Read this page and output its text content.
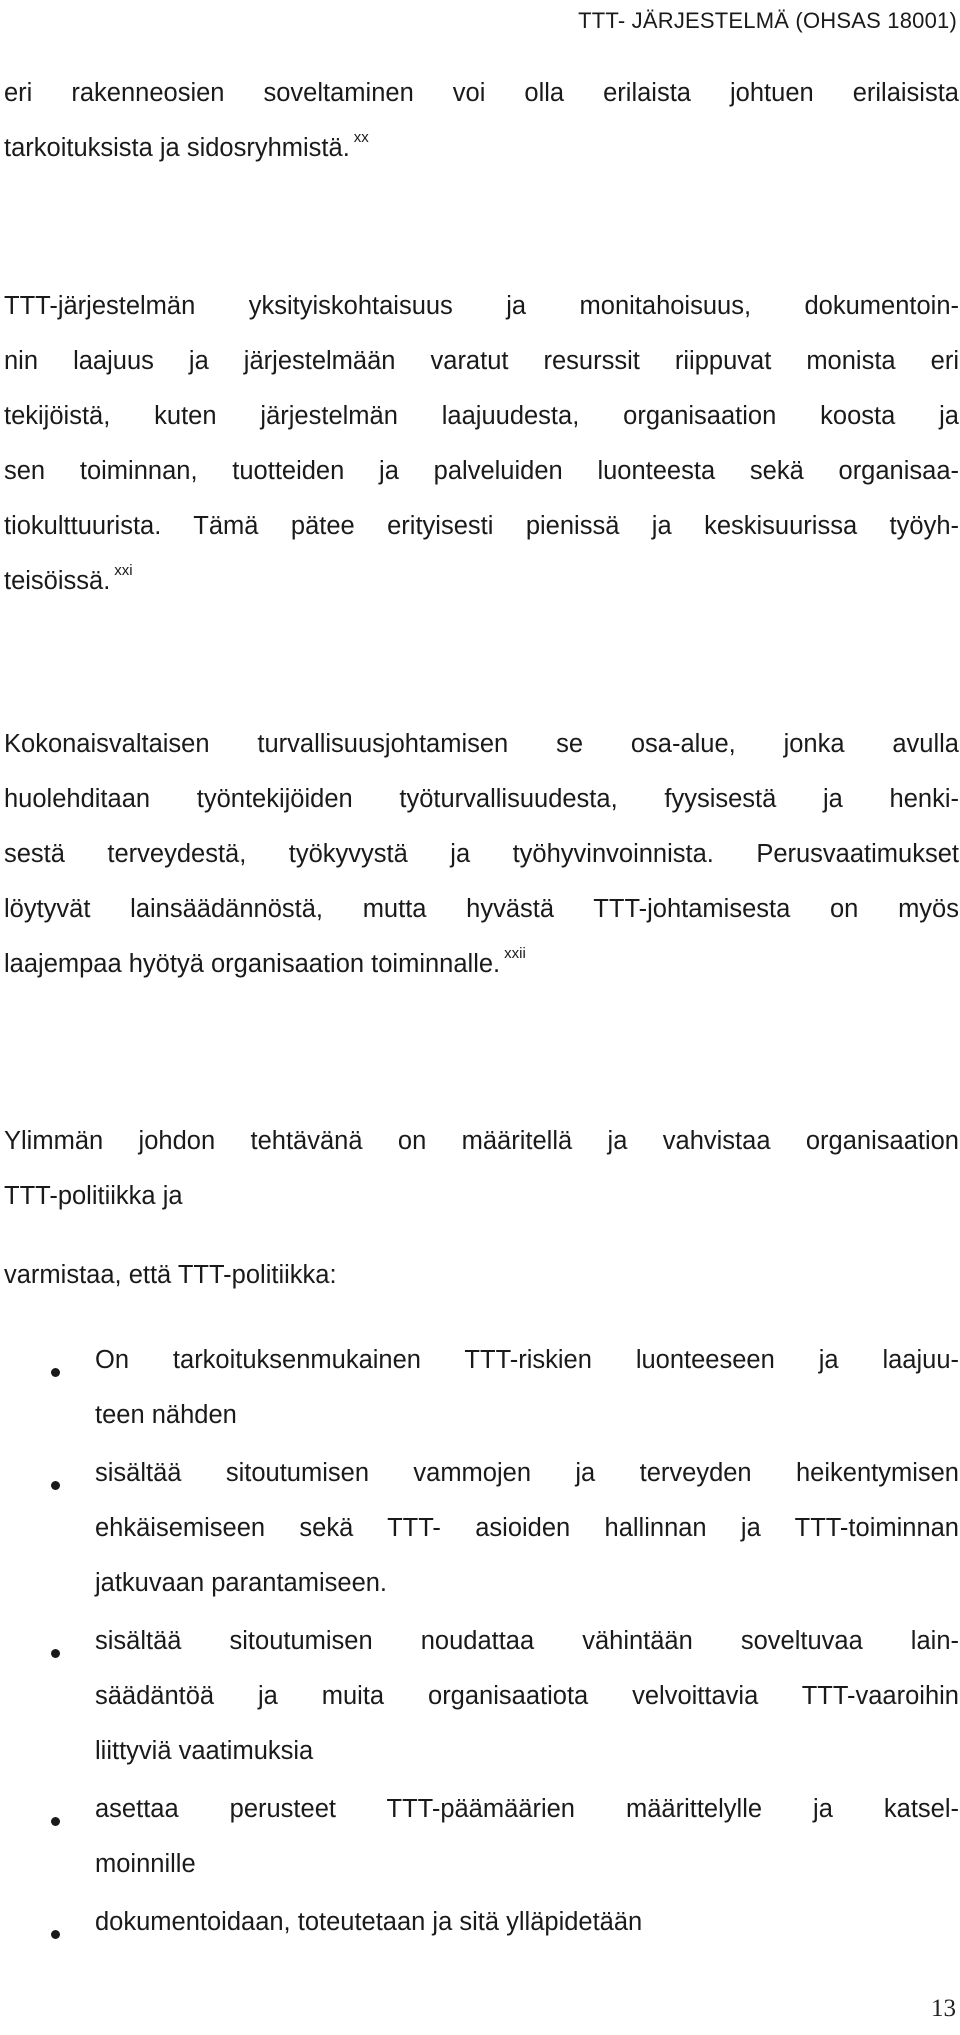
TTT- JÄRJESTELMÄ (OHSAS 18001)

eri rakenneosien soveltaminen voi olla erilaista johtuen erilaisista
tarkoituksista ja sidosryhmistä. $^{xx}$

TTT-järjestelmän yksityiskohtaisuus ja monitahoisuus, dokumentoin-
nin laajuus ja järjestelmään varatut resurssit riippuvat monista eri
tekijöistä, kuten järjestelmän laajuudesta, organisaation koosta ja
sen toiminnan, tuotteiden ja palveluiden luonteesta sekä organisaa-
tiokulttuurista. Tämä pätee erityisesti pienissä ja keskisuurissa työyh-
teisöissä. $^{xxi}$

Kokonaisvaltaisen turvallisuusjohtamisen se osa-alue, jonka avulla
huolehditaan työntekijöiden työturvallisuudesta, fyysisestä ja henki-
sestä terveydestä, työkyvystä ja työhyvinvoinnista. Perusvaatimukset
löytyvät lainsäädännöstä, mutta hyvästä TTT-johtamisesta on myös
laajempaa hyötyä organisaation toiminnalle. $^{xxii}$

Ylimmän johdon tehtävänä on määritellä ja vahvistaa organisaation
TTT-politiikka ja

varmistaa, että TTT-politiikka:

On tarkoituksenmukainen TTT-riskien luonteeseen ja laajuu-
teen nähden
sisältää sitoutumisen vammojen ja terveyden heikentymisen
ehkäisemiseen sekä TTT- asioiden hallinnan ja TTT-toiminnan
jatkuvaan parantamiseen.
sisältää sitoutumisen noudattaa vähintään soveltuvaa lain-
säädäntöä ja muita organisaatiota velvoittavia TTT-vaaroihin
liittyviä vaatimuksia
asettaa perusteet TTT-päämäärien määrittelylle ja katsel-
moinnille
dokumentoidaan, toteutetaan ja sitä ylläpidetään
13
